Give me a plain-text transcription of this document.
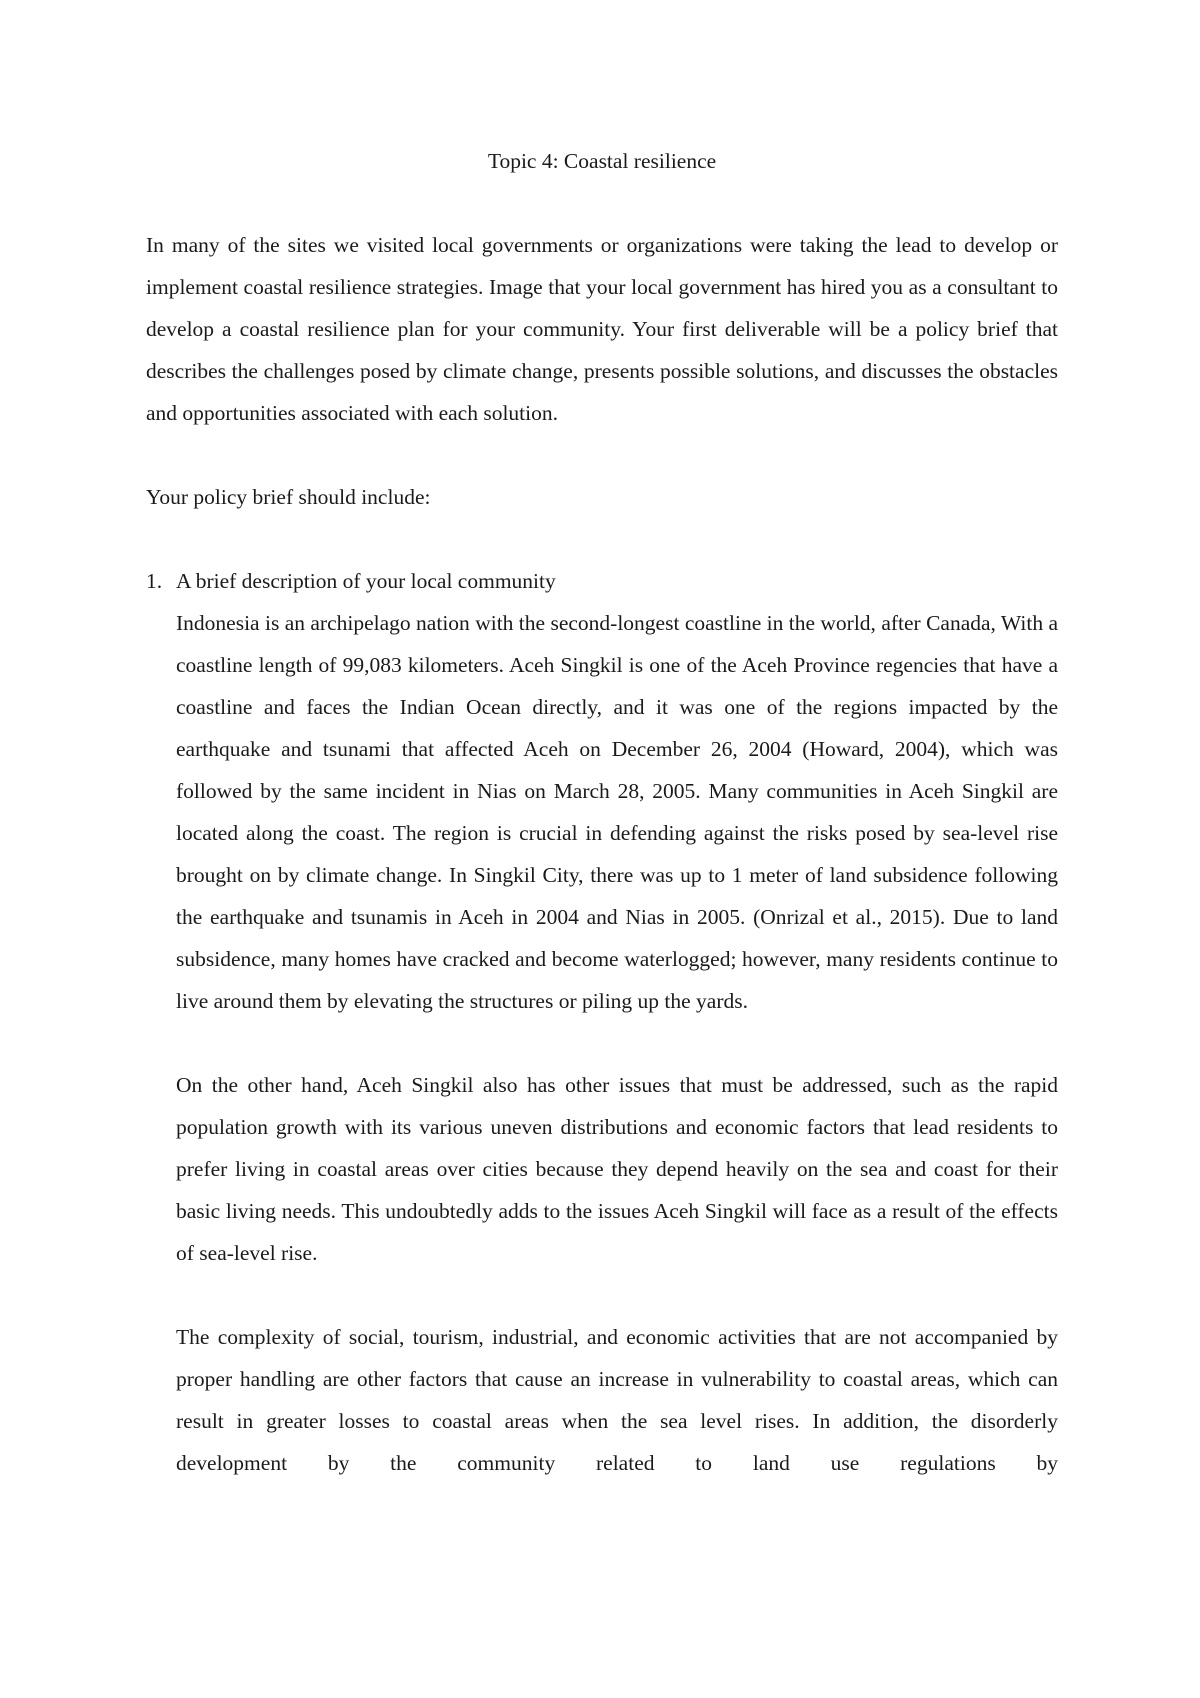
Topic 4: Coastal resilience

In many of the sites we visited local governments or organizations were taking the lead to develop or implement coastal resilience strategies. Image that your local government has hired you as a consultant to develop a coastal resilience plan for your community. Your first deliverable will be a policy brief that describes the challenges posed by climate change, presents possible solutions, and discusses the obstacles and opportunities associated with each solution.

Your policy brief should include:

1. A brief description of your local community

Indonesia is an archipelago nation with the second-longest coastline in the world, after Canada, With a coastline length of 99,083 kilometers. Aceh Singkil is one of the Aceh Province regencies that have a coastline and faces the Indian Ocean directly, and it was one of the regions impacted by the earthquake and tsunami that affected Aceh on December 26, 2004 (Howard, 2004), which was followed by the same incident in Nias on March 28, 2005. Many communities in Aceh Singkil are located along the coast. The region is crucial in defending against the risks posed by sea-level rise brought on by climate change. In Singkil City, there was up to 1 meter of land subsidence following the earthquake and tsunamis in Aceh in 2004 and Nias in 2005. (Onrizal et al., 2015). Due to land subsidence, many homes have cracked and become waterlogged; however, many residents continue to live around them by elevating the structures or piling up the yards.

On the other hand, Aceh Singkil also has other issues that must be addressed, such as the rapid population growth with its various uneven distributions and economic factors that lead residents to prefer living in coastal areas over cities because they depend heavily on the sea and coast for their basic living needs. This undoubtedly adds to the issues Aceh Singkil will face as a result of the effects of sea-level rise.

The complexity of social, tourism, industrial, and economic activities that are not accompanied by proper handling are other factors that cause an increase in vulnerability to coastal areas, which can result in greater losses to coastal areas when the sea level rises. In addition, the disorderly development by the community related to land use regulations by
